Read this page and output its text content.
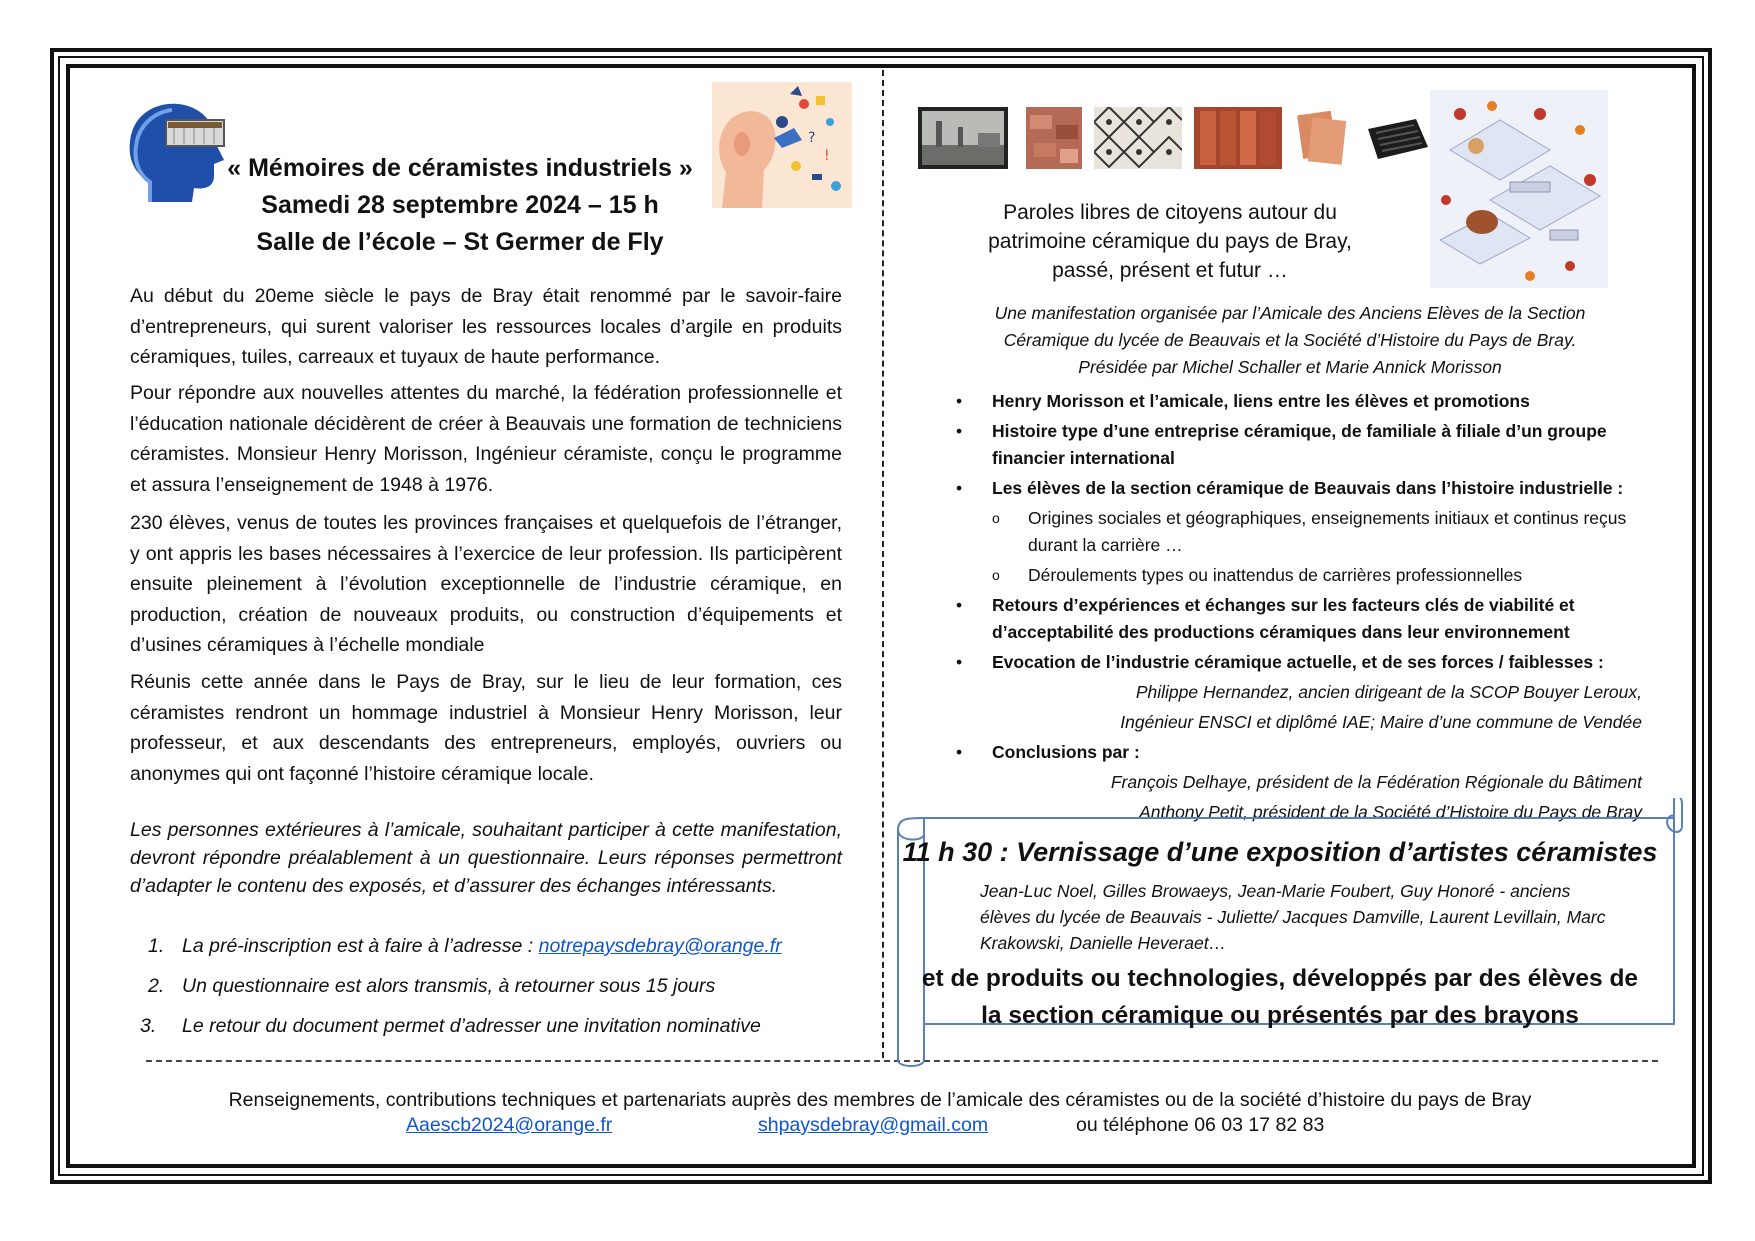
?
!
« Mémoires de céramistes industriels »
Samedi 28 septembre 2024 – 15 h
Salle de l’école – St Germer de Fly
Au début du 20eme siècle le pays de Bray était renommé par le savoir-faire d’entrepreneurs, qui surent valoriser les ressources locales d’argile en produits céramiques, tuiles, carreaux et tuyaux de haute performance.
Pour répondre aux nouvelles attentes du marché, la fédération professionnelle et l’éducation nationale décidèrent de créer à Beauvais une formation de techniciens céramistes. Monsieur Henry Morisson, Ingénieur céramiste, conçu le programme et assura l’enseignement de 1948 à 1976.
230 élèves, venus de toutes les provinces françaises et quelquefois de l’étranger, y ont appris les bases nécessaires à l’exercice de leur profession. Ils participèrent ensuite pleinement à l’évolution exceptionnelle de l’industrie céramique, en production, création de nouveaux produits, ou construction d’équipements et d’usines céramiques à l’échelle mondiale
Réunis cette année dans le Pays de Bray, sur le lieu de leur formation, ces céramistes rendront un hommage industriel à Monsieur Henry Morisson, leur professeur, et aux descendants des entrepreneurs, employés, ouvriers ou anonymes qui ont façonné l’histoire céramique locale.
Les personnes extérieures à l’amicale, souhaitant participer à cette manifestation, devront répondre préalablement à un questionnaire. Leurs réponses permettront d’adapter le contenu des exposés, et d’assurer des échanges intéressants.
1. La pré-inscription est à faire à l’adresse : notrepaysdebray@orange.fr
2. Un questionnaire est alors transmis, à retourner sous 15 jours
3. Le retour du document permet d’adresser une invitation nominative
Paroles libres de citoyens autour du
patrimoine céramique du pays de Bray,
passé, présent et futur …
Une manifestation organisée par l’Amicale des Anciens Elèves de la Section
Céramique du lycée de Beauvais et la Société d’Histoire du Pays de Bray.
Présidée par Michel Schaller et Marie Annick Morisson
• Henry Morisson et l’amicale, liens entre les élèves et promotions
• Histoire type d’une entreprise céramique, de familiale à filiale d’un groupe financier international
• Les élèves de la section céramique de Beauvais dans l’histoire industrielle :
o Origines sociales et géographiques, enseignements initiaux et continus reçus durant la carrière …
o Déroulements types ou inattendus de carrières professionnelles
• Retours d’expériences et échanges sur les facteurs clés de viabilité et d’acceptabilité des productions céramiques dans leur environnement
• Evocation de l’industrie céramique actuelle, et de ses forces / faiblesses :
Philippe Hernandez, ancien dirigeant de la SCOP Bouyer Leroux,
Ingénieur ENSCI et diplômé IAE; Maire d’une commune de Vendée
• Conclusions par :
François Delhaye, président de la Fédération Régionale du Bâtiment
Anthony Petit, président de la Société d’Histoire du Pays de Bray
11 h 30 : Vernissage d’une exposition d’artistes céramistes
Jean-Luc Noel, Gilles Browaeys, Jean-Marie Foubert, Guy Honoré - anciens élèves du lycée de Beauvais - Juliette/ Jacques Damville, Laurent Levillain, Marc Krakowski, Danielle Heveraet…
et de produits ou technologies, développés par des élèves de
la section céramique ou présentés par des brayons
Renseignements, contributions techniques et partenariats auprès des membres de l’amicale des céramistes ou de la société d’histoire du pays de Bray
Aaescb2024@orange.fr	shpaysdebray@gmail.com	ou téléphone 06 03 17 82 83
